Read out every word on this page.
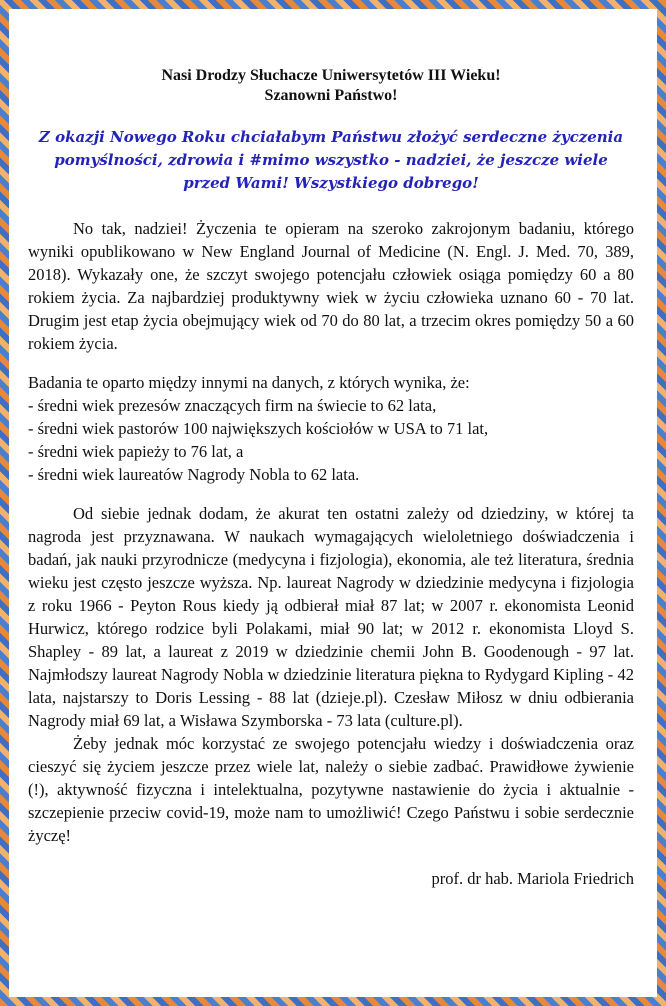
Nasi Drodzy Słuchacze Uniwersytetów III Wieku!

Szanowni Państwo!

Z okazji Nowego Roku chciałabym Państwu złożyć serdeczne życzenia pomyślności, zdrowia i #mimo wszystko - nadziei, że jeszcze wiele przed Wami! Wszystkiego dobrego!

No tak, nadziei! Życzenia te opieram na szeroko zakrojonym badaniu, którego wyniki opublikowano w New England Journal of Medicine (N. Engl. J. Med. 70, 389, 2018). Wykazały one, że szczyt swojego potencjału człowiek osiąga pomiędzy 60 a 80 rokiem życia. Za najbardziej produktywny wiek w życiu człowieka uznano 60 - 70 lat. Drugim jest etap życia obejmujący wiek od 70 do 80 lat, a trzecim okres pomiędzy 50 a 60 rokiem życia.

Badania te oparto między innymi na danych, z których wynika, że:

- średni wiek prezesów znaczących firm na świecie to 62 lata,

- średni wiek pastorów 100 największych kościołów w USA to 71 lat,

- średni wiek papieży to 76 lat, a

- średni wiek laureatów Nagrody Nobla to 62 lata.

Od siebie jednak dodam, że akurat ten ostatni zależy od dziedziny, w której ta nagroda jest przyznawana. W naukach wymagających wieloletniego doświadczenia i badań, jak nauki przyrodnicze (medycyna i fizjologia), ekonomia, ale też literatura, średnia wieku jest często jeszcze wyższa. Np. laureat Nagrody w dziedzinie medycyna i fizjologia z roku 1966 - Peyton Rous kiedy ją odbierał miał 87 lat; w 2007 r. ekonomista Leonid Hurwicz, którego rodzice byli Polakami, miał 90 lat; w 2012 r. ekonomista Lloyd S. Shapley - 89 lat, a laureat z 2019 w dziedzinie chemii John B. Goodenough - 97 lat. Najmłodszy laureat Nagrody Nobla w dziedzinie literatura piękna to Rydygard Kipling - 42 lata, najstarszy to Doris Lessing - 88 lat (dzieje.pl). Czesław Miłosz w dniu odbierania Nagrody miał 69 lat, a Wisława Szymborska - 73 lata (culture.pl).

Żeby jednak móc korzystać ze swojego potencjału wiedzy i doświadczenia oraz cieszyć się życiem jeszcze przez wiele lat, należy o siebie zadbać. Prawidłowe żywienie (!), aktywność fizyczna i intelektualna, pozytywne nastawienie do życia i aktualnie - szczepienie przeciw covid-19, może nam to umożliwić! Czego Państwu i sobie serdecznie życzę!

prof. dr hab. Mariola Friedrich
